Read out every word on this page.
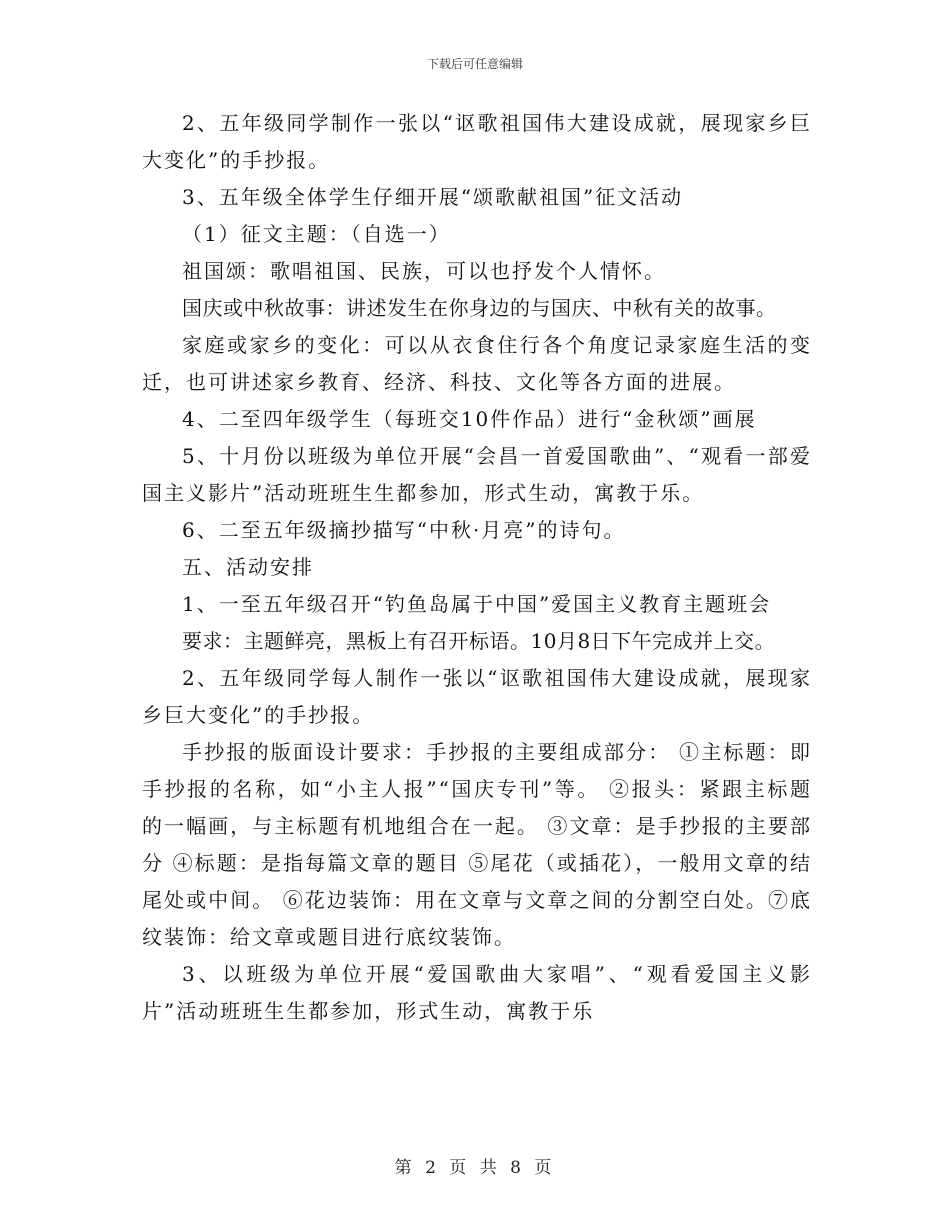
下载后可任意编辑

2、五年级同学制作一张以“讴歌祖国伟大建设成就，展现家乡巨大变化”的手抄报。

3、五年级全体学生仔细开展“颂歌献祖国”征文活动

（1）征文主题：（自选一）

祖国颂：歌唱祖国、民族，可以也抒发个人情怀。

国庆或中秋故事：讲述发生在你身边的与国庆、中秋有关的故事。

家庭或家乡的变化：可以从衣食住行各个角度记录家庭生活的变迁，也可讲述家乡教育、经济、科技、文化等各方面的进展。

4、二至四年级学生（每班交10件作品）进行“金秋颂”画展

5、十月份以班级为单位开展“会昌一首爱国歌曲”、“观看一部爱国主义影片”活动班班生生都参加，形式生动，寓教于乐。

6、二至五年级摘抄描写“中秋·月亮”的诗句。

五、活动安排

1、一至五年级召开“钓鱼岛属于中国”爱国主义教育主题班会

要求：主题鲜亮，黑板上有召开标语。10月8日下午完成并上交。

2、五年级同学每人制作一张以“讴歌祖国伟大建设成就，展现家乡巨大变化”的手抄报。

手抄报的版面设计要求：手抄报的主要组成部分： ①主标题：即手抄报的名称，如“小主人报”“国庆专刊”等。 ②报头：紧跟主标题的一幅画，与主标题有机地组合在一起。 ③文章：是手抄报的主要部分 ④标题：是指每篇文章的题目 ⑤尾花（或插花），一般用文章的结尾处或中间。 ⑥花边装饰：用在文章与文章之间的分割空白处。⑦底纹装饰：给文章或题目进行底纹装饰。

3、以班级为单位开展“爱国歌曲大家唱”、“观看爱国主义影片”活动班班生生都参加，形式生动，寓教于乐

第 2 页 共 8 页
